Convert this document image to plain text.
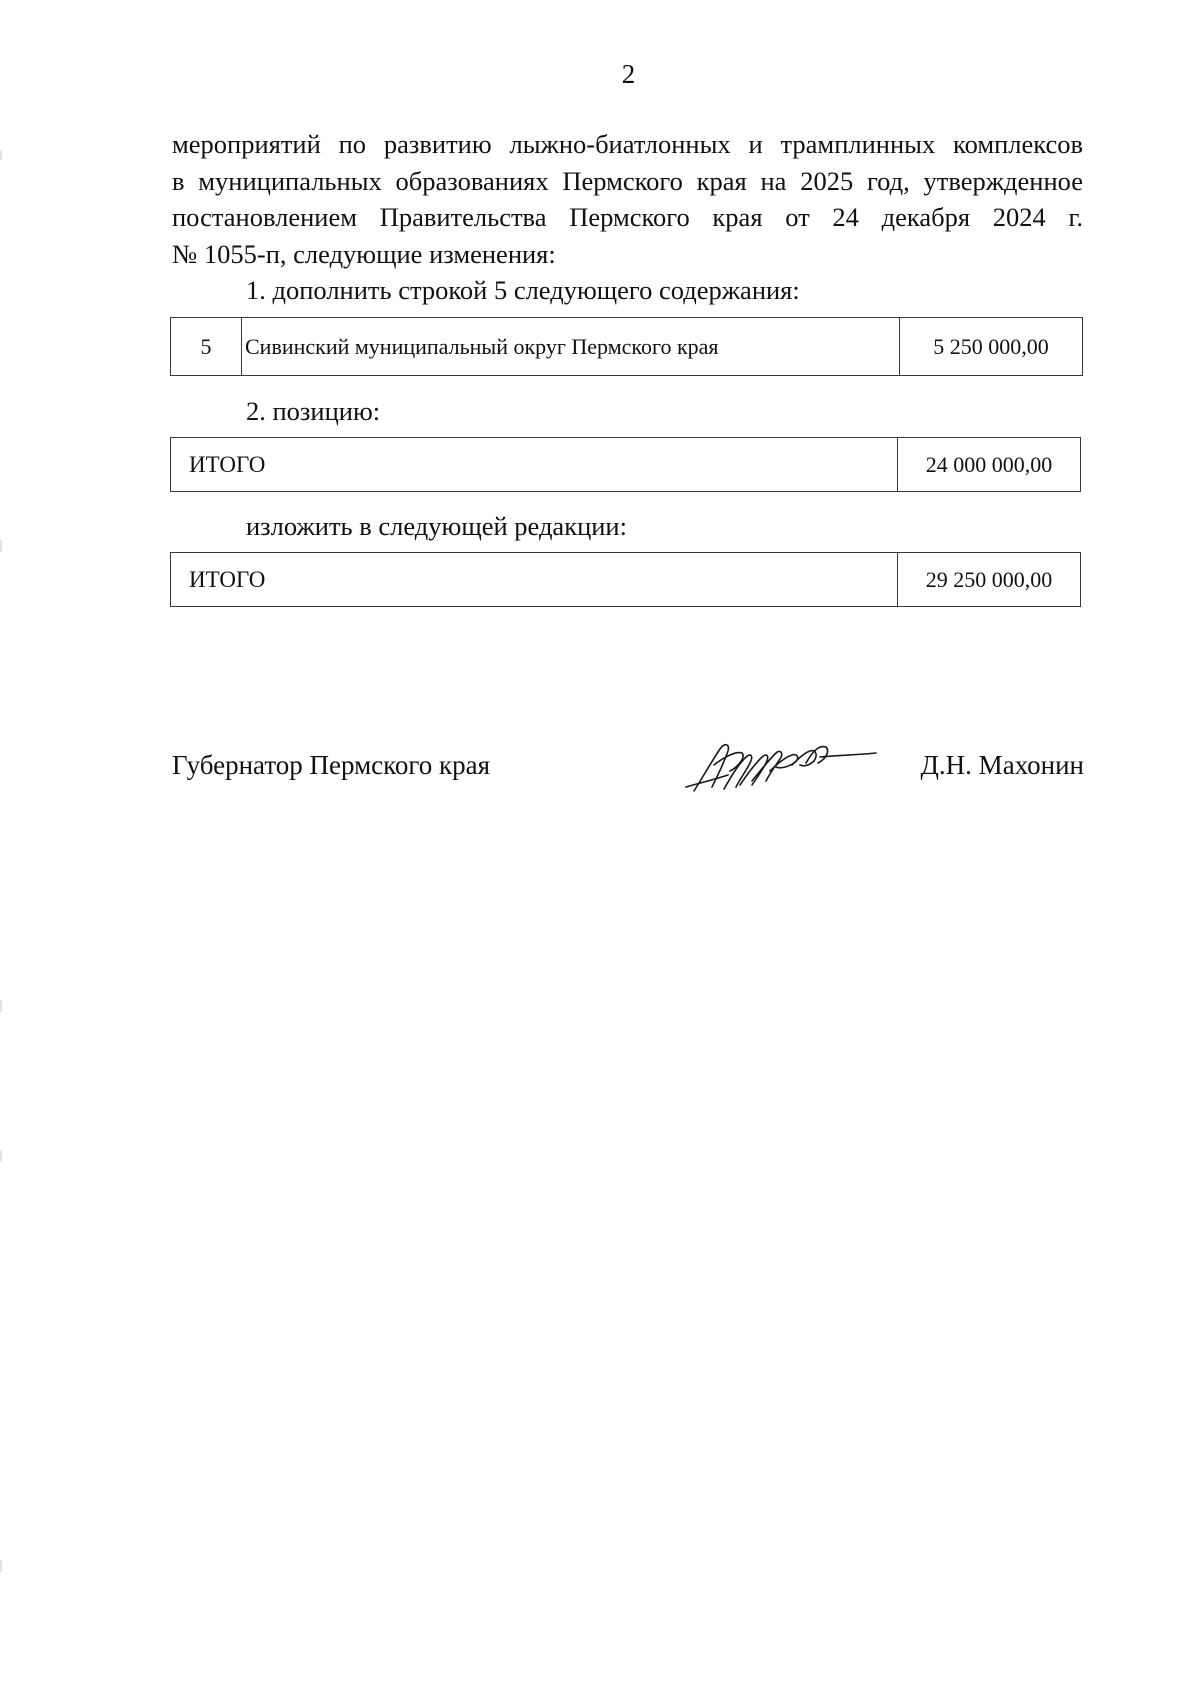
2
мероприятий по развитию лыжно-биатлонных и трамплинных комплексов
в муниципальных образованиях Пермского края на 2025 год, утвержденное
постановлением Правительства Пермского края от 24 декабря 2024 г.
№ 1055-п, следующие изменения:
1. дополнить строкой 5 следующего содержания:
5	Сивинский муниципальный округ Пермского края	5 250 000,00
2. позицию:
ИТОГО	24 000 000,00
изложить в следующей редакции:
ИТОГО	29 250 000,00
Губернатор Пермского края	Д.Н. Махонин
